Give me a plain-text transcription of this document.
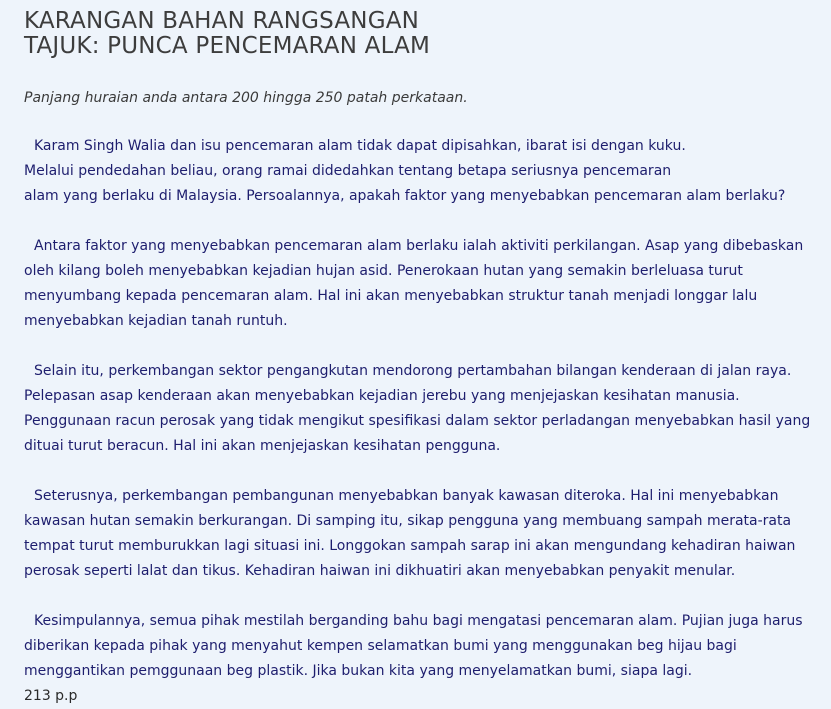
KARANGAN BAHAN RANGSANGAN
TAJUK: PUNCA PENCEMARAN ALAM

Panjang huraian anda antara 200 hingga 250 patah perkataan.

Karam Singh Walia dan isu pencemaran alam tidak dapat dipisahkan, ibarat isi dengan kuku.
Melalui pendedahan beliau, orang ramai didedahkan tentang betapa seriusnya pencemaran
alam yang berlaku di Malaysia. Persoalannya, apakah faktor yang menyebabkan pencemaran alam berlaku?

Antara faktor yang menyebabkan pencemaran alam berlaku ialah aktiviti perkilangan. Asap yang dibebaskan
oleh kilang boleh menyebabkan kejadian hujan asid. Penerokaan hutan yang semakin berleluasa turut
menyumbang kepada pencemaran alam. Hal ini akan menyebabkan struktur tanah menjadi longgar lalu
menyebabkan kejadian tanah runtuh.

Selain itu, perkembangan sektor pengangkutan mendorong pertambahan bilangan kenderaan di jalan raya.
Pelepasan asap kenderaan akan menyebabkan kejadian jerebu yang menjejaskan kesihatan manusia.
Penggunaan racun perosak yang tidak mengikut spesifikasi dalam sektor perladangan menyebabkan hasil yang
dituai turut beracun. Hal ini akan menjejaskan kesihatan pengguna.

Seterusnya, perkembangan pembangunan menyebabkan banyak kawasan diteroka. Hal ini menyebabkan
kawasan hutan semakin berkurangan. Di samping itu, sikap pengguna yang membuang sampah merata-rata
tempat turut memburukkan lagi situasi ini. Longgokan sampah sarap ini akan mengundang kehadiran haiwan
perosak seperti lalat dan tikus. Kehadiran haiwan ini dikhuatiri akan menyebabkan penyakit menular.

Kesimpulannya, semua pihak mestilah berganding bahu bagi mengatasi pencemaran alam. Pujian juga harus
diberikan kepada pihak yang menyahut kempen selamatkan bumi yang menggunakan beg hijau bagi
menggantikan pemggunaan beg plastik. Jika bukan kita yang menyelamatkan bumi, siapa lagi.

213 p.p
